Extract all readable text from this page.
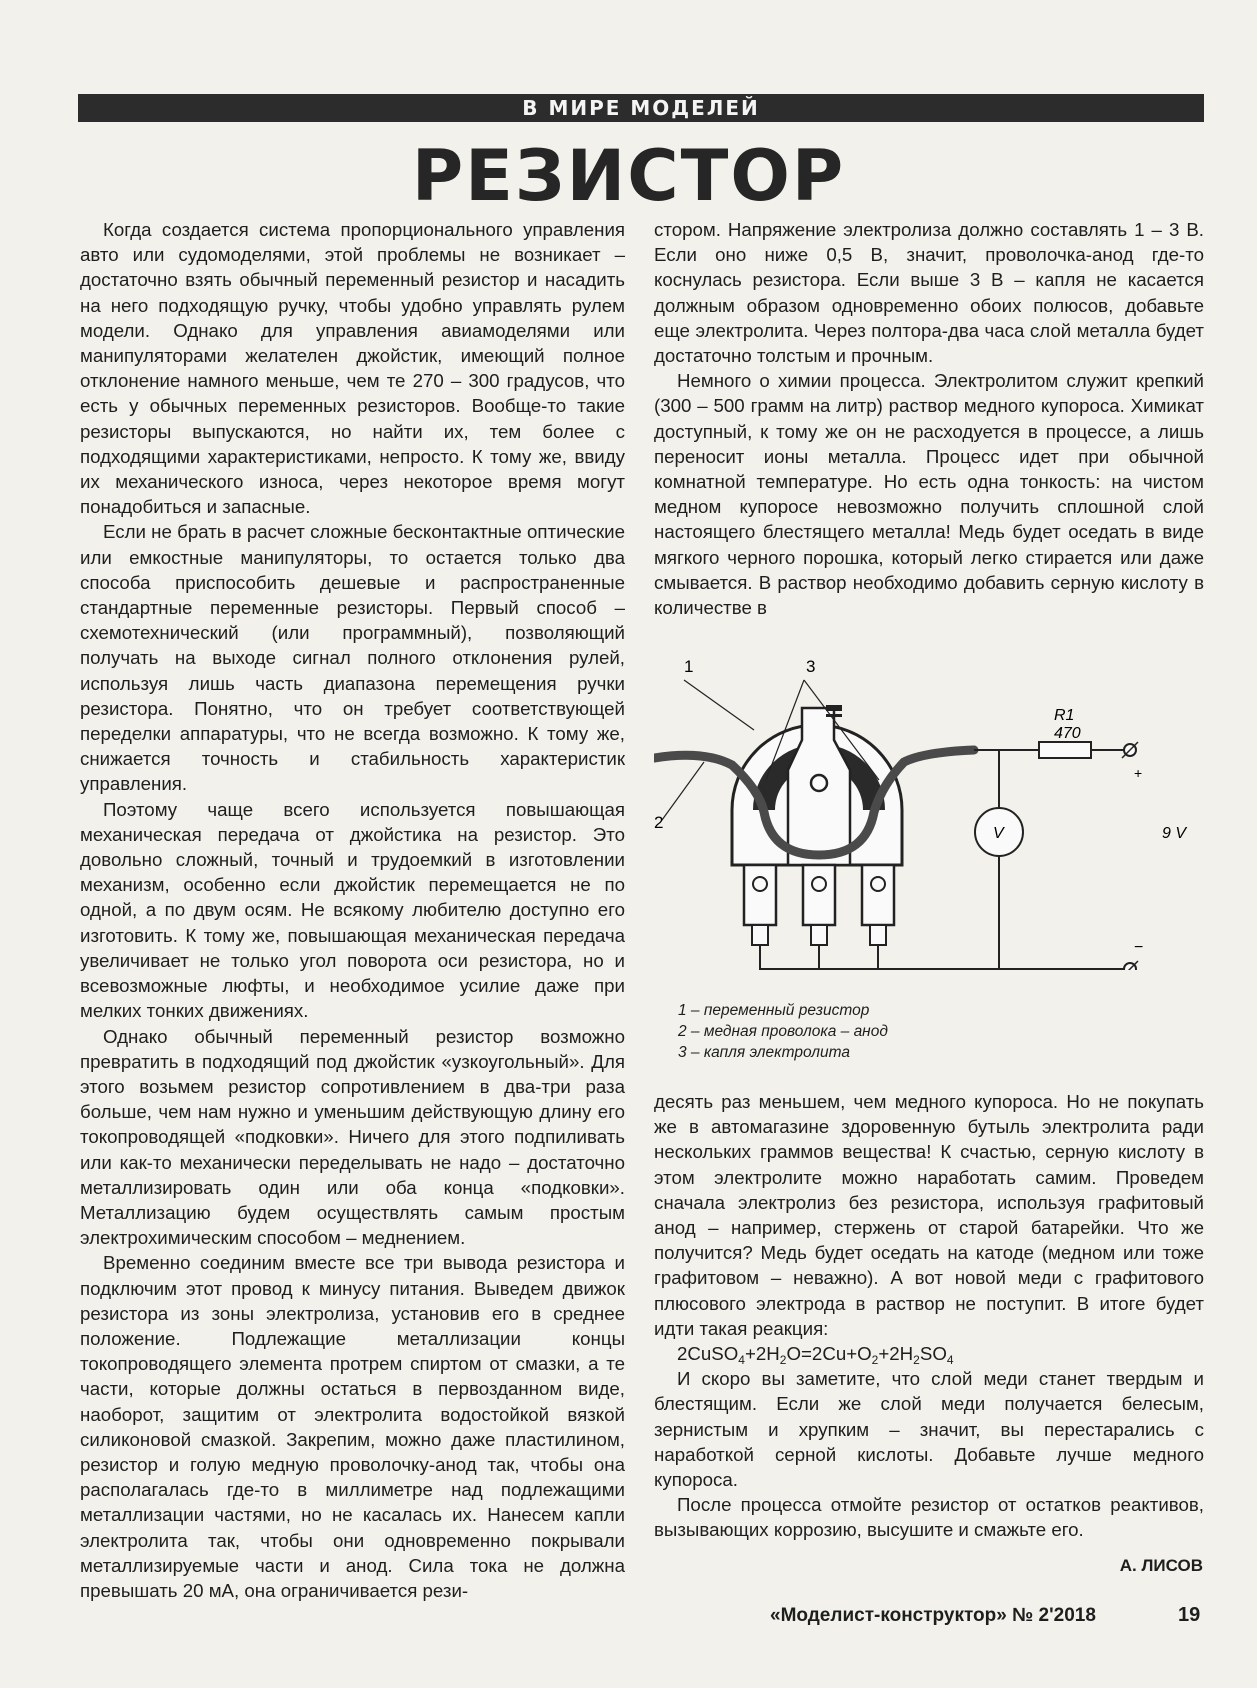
В МИРЕ МОДЕЛЕЙ
РЕЗИСТОР

Когда создается система пропорционального управления авто или судомоделями, этой проблемы не возникает – достаточно взять обычный переменный резистор и насадить на него подходящую ручку, чтобы удобно управлять рулем модели. Однако для управления авиамоделями или манипуляторами желателен джойстик, имеющий полное отклонение намного меньше, чем те 270 – 300 градусов, что есть у обычных переменных резисторов. Вообще-то такие резисторы выпускаются, но найти их, тем более с подходящими характеристиками, непросто. К тому же, ввиду их механического износа, через некоторое время могут понадобиться и запасные.

Если не брать в расчет сложные бесконтактные оптические или емкостные манипуляторы, то остается только два способа приспособить дешевые и распространенные стандартные переменные резисторы. Первый способ – схемотехнический (или программный), позволяющий получать на выходе сигнал полного отклонения рулей, используя лишь часть диапазона перемещения ручки резистора. Понятно, что он требует соответствующей переделки аппаратуры, что не всегда возможно. К тому же, снижается точность и стабильность характеристик управления.

Поэтому чаще всего используется повышающая механическая передача от джойстика на резистор. Это довольно сложный, точный и трудоемкий в изготовлении механизм, особенно если джойстик перемещается не по одной, а по двум осям. Не всякому любителю доступно его изготовить. К тому же, повышающая механическая передача увеличивает не только угол поворота оси резистора, но и всевозможные люфты, и необходимое усилие даже при мелких тонких движениях.

Однако обычный переменный резистор возможно превратить в подходящий под джойстик «узкоугольный». Для этого возьмем резистор сопротивлением в два-три раза больше, чем нам нужно и уменьшим действующую длину его токопроводящей «подковки». Ничего для этого подпиливать или как-то механически переделывать не надо – достаточно металлизировать один или оба конца «подковки». Металлизацию будем осуществлять самым простым электрохимическим способом – меднением.

Временно соединим вместе все три вывода резистора и подключим этот провод к минусу питания. Выведем движок резистора из зоны электролиза, установив его в среднее положение. Подлежащие металлизации концы токопроводящего элемента протрем спиртом от смазки, а те части, которые должны остаться в первозданном виде, наоборот, защитим от электролита водостойкой вязкой силиконовой смазкой. Закрепим, можно даже пластилином, резистор и голую медную проволочку-анод так, чтобы она располагалась где-то в миллиметре над подлежащими металлизации частями, но не касалась их. Нанесем капли электролита так, чтобы они одновременно покрывали металлизируемые части и анод. Сила тока не должна превышать 20 мА, она ограничивается рези-

стором. Напряжение электролиза должно составлять 1 – 3 В. Если оно ниже 0,5 В, значит, проволочка-анод где-то коснулась резистора. Если выше 3 В – капля не касается должным образом одновременно обоих полюсов, добавьте еще электролита. Через полтора-два часа слой металла будет достаточно толстым и прочным.

Немного о химии процесса. Электролитом служит крепкий (300 – 500 грамм на литр) раствор медного купороса. Химикат доступный, к тому же он не расходуется в процессе, а лишь переносит ионы металла. Процесс идет при обычной комнатной температуре. Но есть одна тонкость: на чистом медном купоросе невозможно получить сплошной слой настоящего блестящего металла! Медь будет оседать в виде мягкого черного порошка, который легко стирается или даже смывается. В раствор необходимо добавить серную кислоту в количестве в

1
2
3
R1
470
V	9 V
+
−
1 – переменный резистор
2 – медная проволока – анод
3 – капля электролита

десять раз меньшем, чем медного купороса. Но не покупать же в автомагазине здоровенную бутыль электролита ради нескольких граммов вещества! К счастью, серную кислоту в этом электролите можно наработать самим. Проведем сначала электролиз без резистора, используя графитовый анод – например, стержень от старой батарейки. Что же получится? Медь будет оседать на катоде (медном или тоже графитовом – неважно). А вот новой меди с графитового плюсового электрода в раствор не поступит. В итоге будет идти такая реакция:

$2CuSO_4+2H_2O=2Cu+O_2+2H_2SO_4$

И скоро вы заметите, что слой меди станет твердым и блестящим. Если же слой меди получается белесым, зернистым и хрупким – значит, вы перестарались с наработкой серной кислоты. Добавьте лучше медного купороса.

После процесса отмойте резистор от остатков реактивов, вызывающих коррозию, высушите и смажьте его.

А. ЛИСОВ
«Моделист-конструктор» № 2'2018	19
